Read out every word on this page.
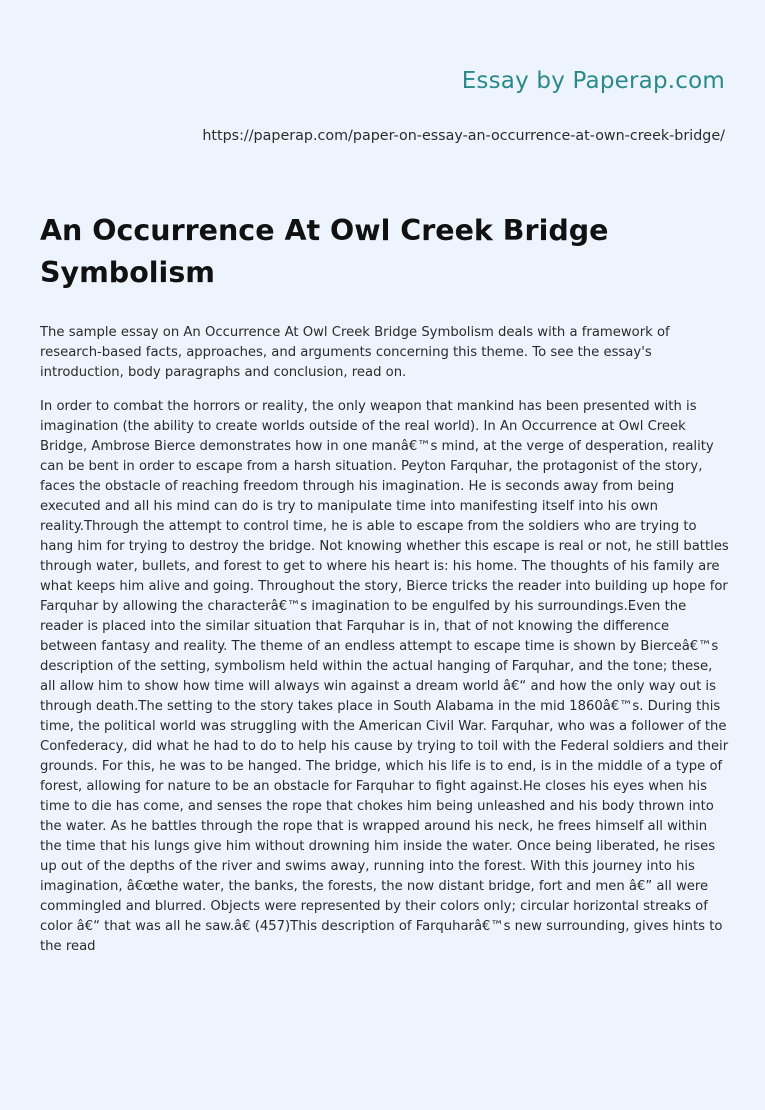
Essay by Paperap.com

https://paperap.com/paper-on-essay-an-occurrence-at-own-creek-bridge/

An Occurrence At Owl Creek Bridge Symbolism

The sample essay on An Occurrence At Owl Creek Bridge Symbolism deals with a framework of research-based facts, approaches, and arguments concerning this theme. To see the essay's introduction, body paragraphs and conclusion, read on.

In order to combat the horrors or reality, the only weapon that mankind has been presented with is imagination (the ability to create worlds outside of the real world). In An Occurrence at Owl Creek Bridge, Ambrose Bierce demonstrates how in one manâ€™s mind, at the verge of desperation, reality can be bent in order to escape from a harsh situation. Peyton Farquhar, the protagonist of the story, faces the obstacle of reaching freedom through his imagination. He is seconds away from being executed and all his mind can do is try to manipulate time into manifesting itself into his own reality.Through the attempt to control time, he is able to escape from the soldiers who are trying to hang him for trying to destroy the bridge. Not knowing whether this escape is real or not, he still battles through water, bullets, and forest to get to where his heart is: his home. The thoughts of his family are what keeps him alive and going. Throughout the story, Bierce tricks the reader into building up hope for Farquhar by allowing the characterâ€™s imagination to be engulfed by his surroundings.Even the reader is placed into the similar situation that Farquhar is in, that of not knowing the difference between fantasy and reality. The theme of an endless attempt to escape time is shown by Bierceâ€™s description of the setting, symbolism held within the actual hanging of Farquhar, and the tone; these, all allow him to show how time will always win against a dream world â€“ and how the only way out is through death.The setting to the story takes place in South Alabama in the mid 1860â€™s. During this time, the political world was struggling with the American Civil War. Farquhar, who was a follower of the Confederacy, did what he had to do to help his cause by trying to toil with the Federal soldiers and their grounds. For this, he was to be hanged. The bridge, which his life is to end, is in the middle of a type of forest, allowing for nature to be an obstacle for Farquhar to fight against.He closes his eyes when his time to die has come, and senses the rope that chokes him being unleashed and his body thrown into the water. As he battles through the rope that is wrapped around his neck, he frees himself all within the time that his lungs give him without drowning him inside the water. Once being liberated, he rises up out of the depths of the river and swims away, running into the forest. With this journey into his imagination, â€œthe water, the banks, the forests, the now distant bridge, fort and men â€” all were commingled and blurred. Objects were represented by their colors only; circular horizontal streaks of color â€“ that was all he saw.â€ (457)This description of Farquharâ€™s new surrounding, gives hints to the read
